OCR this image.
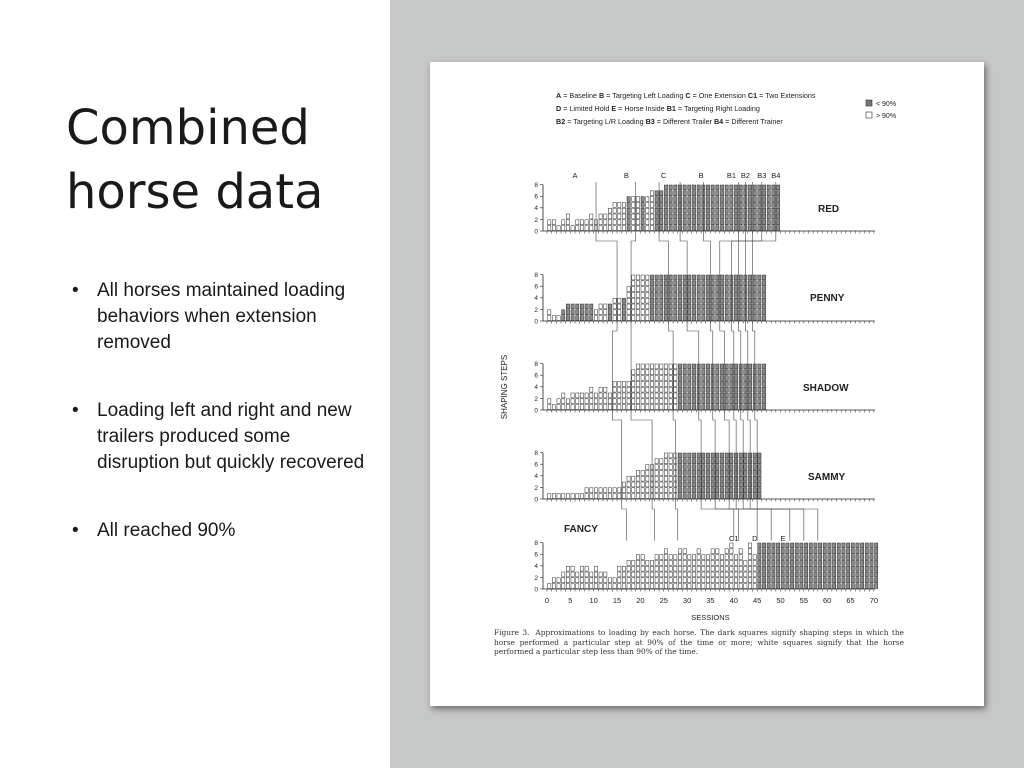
Combined
horse data
• All horses maintained loading behaviors when extension removed
• Loading left and right and new trailers produced some disruption but quickly recovered
• All reached 90%
A = Baseline B = Targeting Left Loading C = One Extension C1 = Two Extensions
D = Limited Hold E = Horse Inside B1 = Targeting Right Loading
B2 = Targeting L/R Loading B3 = Different Trailer B4 = Different Trainer
< 90%
> 90%
SHAPING STEPS
0
2
4
6
8
RED
0
2
4
6
8
PENNY
0
2
4
6
8
SHADOW
0
2
4
6
8
SAMMY
0
2
4
6
8
FANCY
A	B	C	B	B1 B2 B3 B4
C1 D	E
0	5 10 15 20 25 30 35 40 45 50 55 60 65 70
SESSIONS
Figure 3. Approximations to loading by each horse. The dark squares signify shaping steps in which the horse performed a particular step at 90% of the time or more; white squares signify that the horse performed a particular step less than 90% of the time.
